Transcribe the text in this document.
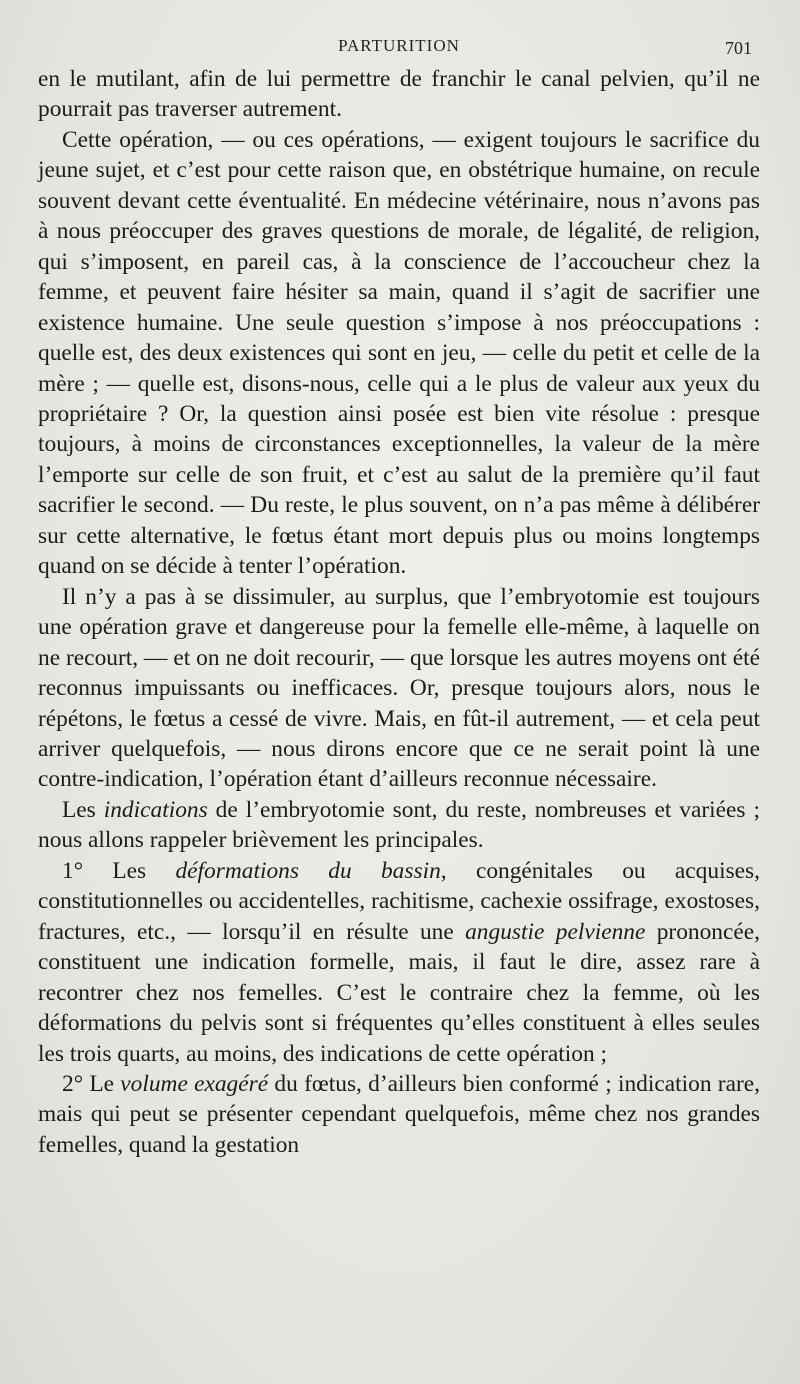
PARTURITION	701

en le mutilant, afin de lui permettre de franchir le canal pelvien, qu’il ne pourrait pas traverser autrement.

Cette opération, — ou ces opérations, — exigent toujours le sacrifice du jeune sujet, et c’est pour cette raison que, en obstétrique humaine, on recule souvent devant cette éventualité. En médecine vétérinaire, nous n’avons pas à nous préoccuper des graves questions de morale, de légalité, de religion, qui s’imposent, en pareil cas, à la conscience de l’accoucheur chez la femme, et peuvent faire hésiter sa main, quand il s’agit de sacrifier une existence humaine. Une seule question s’impose à nos préoccupations : quelle est, des deux existences qui sont en jeu, — celle du petit et celle de la mère ; — quelle est, disons-nous, celle qui a le plus de valeur aux yeux du propriétaire ? Or, la question ainsi posée est bien vite résolue : presque toujours, à moins de circonstances exceptionnelles, la valeur de la mère l’emporte sur celle de son fruit, et c’est au salut de la première qu’il faut sacrifier le second. — Du reste, le plus souvent, on n’a pas même à délibérer sur cette alternative, le fœtus étant mort depuis plus ou moins longtemps quand on se décide à tenter l’opération.

Il n’y a pas à se dissimuler, au surplus, que l’embryotomie est toujours une opération grave et dangereuse pour la femelle elle-même, à laquelle on ne recourt, — et on ne doit recourir, — que lorsque les autres moyens ont été reconnus impuissants ou inefficaces. Or, presque toujours alors, nous le répétons, le fœtus a cessé de vivre. Mais, en fût-il autrement, — et cela peut arriver quelquefois, — nous dirons encore que ce ne serait point là une contre-indication, l’opération étant d’ailleurs reconnue nécessaire.

Les indications de l’embryotomie sont, du reste, nombreuses et variées ; nous allons rappeler brièvement les principales.

1° Les déformations du bassin, congénitales ou acquises, constitutionnelles ou accidentelles, rachitisme, cachexie ossifrage, exostoses, fractures, etc., — lorsqu’il en résulte une angustie pelvienne prononcée, constituent une indication formelle, mais, il faut le dire, assez rare à recontrer chez nos femelles. C’est le contraire chez la femme, où les déformations du pelvis sont si fréquentes qu’elles constituent à elles seules les trois quarts, au moins, des indications de cette opération ;

2° Le volume exagéré du fœtus, d’ailleurs bien conformé ; indication rare, mais qui peut se présenter cependant quelquefois, même chez nos grandes femelles, quand la gestation
